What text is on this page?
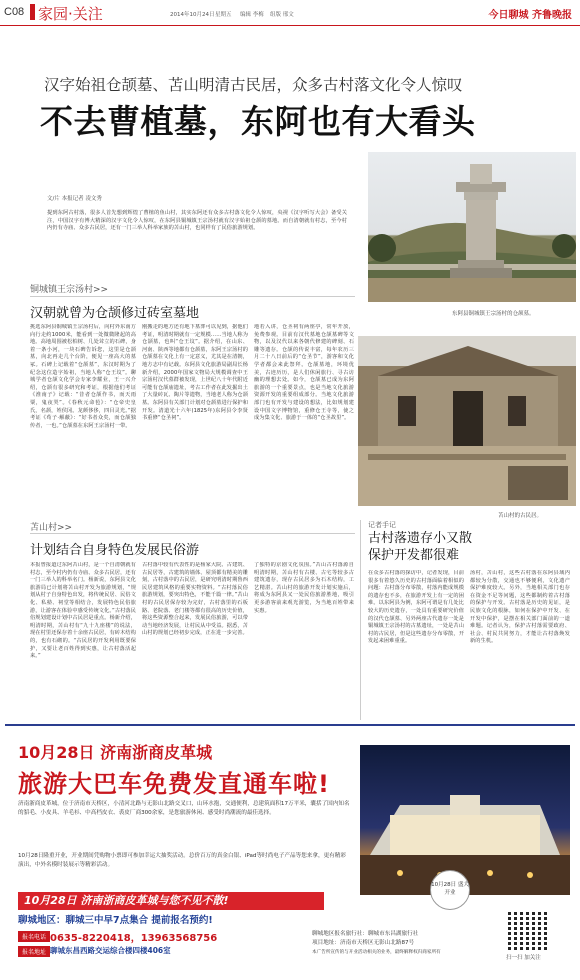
C08 家园·关注	2014年10月24日 星期五 编辑 李梅 组版 邢文	今日聊城 齐鲁晚报
汉字始祖仓颉墓、苫山明清古民居，众多古村落文化令人惊叹
不去曹植墓，东阿也有大看头
文/片 本报记者 凌文秀
提到东阿古村落，很多人首先想到辉煌了曹植的鱼山村，其实东阿还有众多古村落文化令人惊叹，央视《汉字听写大会》备受关注，中国汉字有博大精深的汉字文化令人惊叹，在东阿县铜城镇王宗汤村就有汉字始祖仓颉的墓地。而自清朝就有村志，至今村内仍有寺庙、众多古民居，还有一门三举人科举家族的苫山村，也同样有了民俗旅游规划。
东阿县铜城镇王宗汤村的仓颉墓。
铜城镇王宗汤村>>
汉朝就曾为仓颉修过砖室墓地
挑选东阿县铜城镇王宗汤村后，向村外东南方向行走约1000米，能看到一处微微隆起的高地。高地周围被松柏树、几处耸立的石碑，身着一条小河，一块石碑告诉您，这里是仓颉墓，向北再走几个台阶，便见一座高大的墓冢。石碑上记载着“仓颉墓”，东汉时期为了纪念这位造字始祖，当地人称“仓王坟”。聊城学者仓颉文化学会专家李耀业，王一兴介绍，仓颉有很多研究和考证，根据他们考证《淮南子》记载：“昔者仓颉作书，而天雨粟，鬼夜哭”。《春秋元命苞》：“仓帝史皇氏，名颉，姓侯冈。龙颜侈侈，四目灵光。”据考证《荀子·解蔽》：“好书者众矣，而仓颉独传者，一也。”仓颉墓在东阿王宗汤村一带。
刚搬走的地方还有地下墓葬可以见到，据他们考证，明清时期就有一定规模……当地人称为仓颉墓，也叫“仓王坟”。据介绍，在山东、河南、陕西等地都有仓颉墓，东阿王宗汤村的仓颉墓在文化上有一定意义，尤其是在清朝，地方志中有记载。东阿县文化旅游局副局长杨新介绍，2000年国家文物局大规模调查中王宗汤村汉代墓群被发现，上世纪八十年代附近可能有仓颉庙遗址，考古工作者在此发掘出土了大量砖瓦、陶片等遗物，当地老人称为仓颉墓。东阿县有关部门计划对仓颉墓进行保护和开发。清道光十六年(1825年)东阿县令李贤书重修“仓圣祠”。
地若入讲，仓圣祠有两座亭，常年开放，免费参观。目前有汉代墓地仓颉墓碑等文物，以及汉代以来各朝代修建的碑刻、石雕等遗存。仓颉的传说丰富，每年农历三月二十八日前后的“仓圣节”，游客和文化学者都会来此祭拜。仓颉墓地，环境优美，古迹历历，是人们休闲旅行、寻古访幽的理想去处。如今，仓颉墓已成为东阿旅游的一个重要景点，也是当地文化旅游资源开发的重要组成部分。当地文化旅游部门也有开发与建设的想法，比如规划建设中国文字博物馆，重修仓王寺等，使之成为集文化、旅游于一体的“仓圣故里”。
苫山村的古民居。
苫山村>>
计划结合自身特色发展民俗游
本报曾报道过东阿苫山村，是一个自清朝就有村志，至今村内仍有寺庙、众多古民居，还有一门三举人的科举名门。杨新说，东阿县文化旅游局已计划将苫山村开发为旅游规划，“规划从村子自身特色出发，将传统民居、民俗文化、私塾、祠堂等相结合，发展特色民俗旅游，让游客在体验中感受传统文化。”古村落民俗规划建设计划中古民居是重点。杨新介绍，明清时期，苫山村有“九十九座楼”的说法，现在村里还保存着十余座古民居，有砖木结构的，也有石砌的。“古民居的开发利用既要保护，又要让老百姓得到实惠，让古村落活起来。”
古村落中较有代表性的是杨家大院、古建筑、古民居等，古建筑的墙体、屋顶都有精美的雕刻，古村落中的古民居，是研究明清时期鲁西民居建筑风格的重要实物资料。“古村落民俗旅游规划，要突出特色，不能千篇一律。”苫山村的古民居保存较为完好，古村落里的石板路、老院落、老门楼等都有很高的历史价值，将这些资源整合起来，发展民俗旅游，可以带动当地经济发展，让村民从中受益。据悉，苫山村的规划已经初步完成，正在进一步完善。
了独特的京剧文化氛围。”苫山古村落源自明清时期，苫山村有古楼、古宅等较多古建筑遗存，现存古民居多为石木结构，工艺精湛。苫山村的旅游开发计划实施后，将成为东阿县又一处民俗旅游胜地，吸引更多游客前来观光游览，为当地百姓带来实惠。
记者手记
古村落遗存小又散
保护开发都很难
在众多古村落的探访中，记者发现，目前很多有着悠久历史的古村落面临着相似的问题：古村落分布零散，村落内能成规模的遗存也不多，在旅游开发上有一定的困难。以东阿县为例，东阿可谓是有几处比较大的历史遗存，一处具有重要研究价值的汉代仓颉墓、另外两座古代遗存一处是铜城镇王宗汤村的古墓遗址，一处是苫山村的古民居，但是这些遗存分布零散，开发起来困难重重。
汤村，苫山村，这些古村落在东阿县域内都较为分散，交通也不够便利，文化遗产保护难度较大。另外，当地相关部门也存在资金不足等问题，这些都制约着古村落的保护与开发。古村落是历史的见证，是民族文化的根脉，如何在保护中开发、在开发中保护，是摆在相关部门面前的一道难题。记者认为，保护古村落需要政府、社会、村民共同努力，才能让古村落焕发新的生机。
10月28日 济南浙商皮革城
旅游大巴车免费发直通车啦!
济南浙商皮革城，位于济南市天桥区，小清河北路与无影山北路交叉口，山环水抱，交通便利，总建筑面积17万平米，囊括了国内知名的貂毛、小皮具、羊毛衫、中高档皮衣、裘皮厂商300余家，是您旅游休闲、感受时尚潮流的最佳选择。
10月28日隆重开业，开业期间凭购物小票即可参加幸运大抽奖活动。总价百万的真金白银、iPad等时尚电子产品等您来拿，更有精彩演出，中外名模时装展示等精彩活动。
10月28日 济南浙商皮革城与您不见不散!
聊城地区：聊城三中早7点集合 提前报名预约!
报名电话 0635-8220418，13963568756
报名地址 聊城东昌西路交运综合楼四楼406室
聊城地区报名旅行社：聊城市东昌湖旅行社
项目地址：济南市天桥区无影山北路87号
本广告所宣传的与开业活动相关的业务，最终解释权归商家所有
10月28日 盛大开业
扫一扫 加关注
